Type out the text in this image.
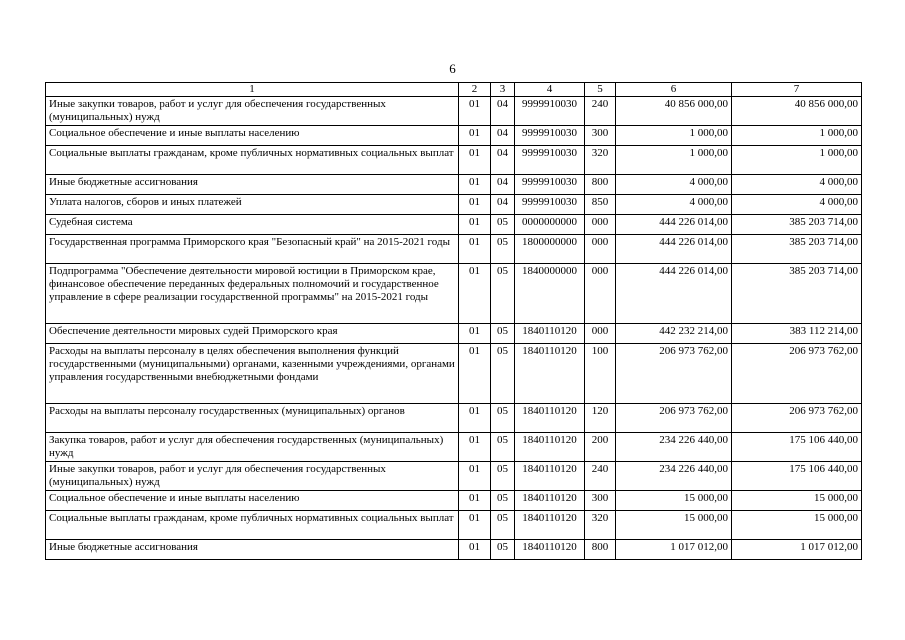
6
1	2	3	4	5	6	7
Иные закупки товаров, работ и услуг для обеспечения государственных (муниципальных) нужд	01	04	9999910030	240	40 856 000,00	40 856 000,00
Социальное обеспечение и иные выплаты населению	01	04	9999910030	300	1 000,00	1 000,00
Социальные выплаты гражданам, кроме публичных нормативных социальных выплат	01	04	9999910030	320	1 000,00	1 000,00
Иные бюджетные ассигнования	01	04	9999910030	800	4 000,00	4 000,00
Уплата налогов, сборов и иных платежей	01	04	9999910030	850	4 000,00	4 000,00
Судебная система	01	05	0000000000	000	444 226 014,00	385 203 714,00
Государственная программа Приморского края "Безопасный край" на 2015-2021 годы	01	05	1800000000	000	444 226 014,00	385 203 714,00
Подпрограмма "Обеспечение деятельности мировой юстиции в Приморском крае, финансовое обеспечение переданных федеральных полномочий и государственное управление в сфере реализации государственной программы" на 2015-2021 годы	01	05	1840000000	000	444 226 014,00	385 203 714,00
Обеспечение деятельности мировых судей Приморского края	01	05	1840110120	000	442 232 214,00	383 112 214,00
Расходы на выплаты персоналу в целях обеспечения выполнения функций государственными (муниципальными) органами, казенными учреждениями, органами управления государственными внебюджетными фондами	01	05	1840110120	100	206 973 762,00	206 973 762,00
Расходы на выплаты персоналу государственных (муниципальных) органов	01	05	1840110120	120	206 973 762,00	206 973 762,00
Закупка товаров, работ и услуг для обеспечения государственных (муниципальных) нужд	01	05	1840110120	200	234 226 440,00	175 106 440,00
Иные закупки товаров, работ и услуг для обеспечения государственных (муниципальных) нужд	01	05	1840110120	240	234 226 440,00	175 106 440,00
Социальное обеспечение и иные выплаты населению	01	05	1840110120	300	15 000,00	15 000,00
Социальные выплаты гражданам, кроме публичных нормативных социальных выплат	01	05	1840110120	320	15 000,00	15 000,00
Иные бюджетные ассигнования	01	05	1840110120	800	1 017 012,00	1 017 012,00
